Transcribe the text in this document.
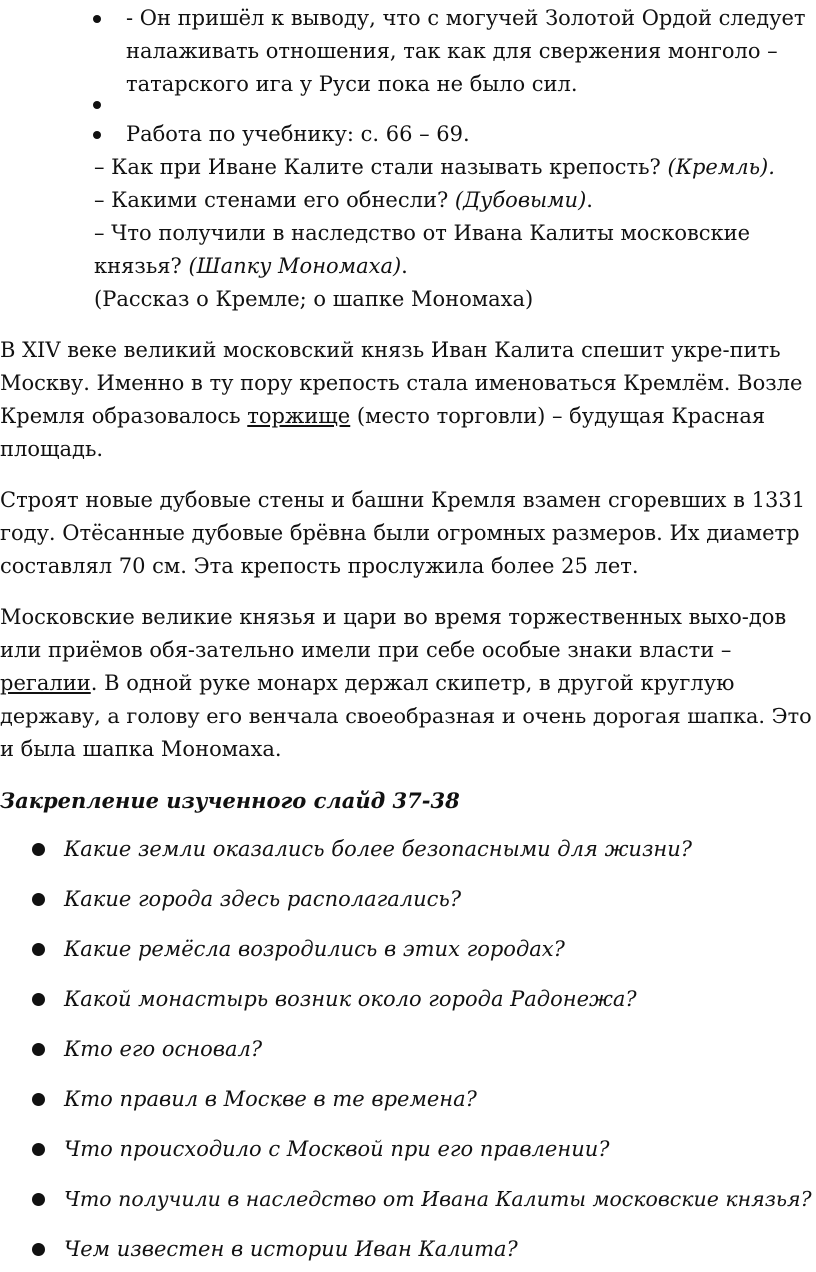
- Он пришёл к выводу, что с могучей Золотой Ордой следует
налаживать отношения, так как для свержения монголо –
татарского ига у Руси пока не было сил.
Работа по учебнику: с. 66 – 69.
– Как при Иване Калите стали называть крепость? (Кремль).
– Какими стенами его обнесли? (Дубовыми).
– Что получили в наследство от Ивана Калиты московские
князья? (Шапку Мономаха).
(Рассказ о Кремле; о шапке Мономаха)
В XIV веке великий московский князь Иван Калита спешит укре-пить
Москву. Именно в ту пору крепость стала именоваться Кремлём. Возле
Кремля образовалось торжище (место торговли) – будущая Красная
площадь.
Строят новые дубовые стены и башни Кремля взамен сгоревших в 1331
году. Отёсанные дубовые брёвна были огромных размеров. Их диаметр
составлял 70 см. Эта крепость прослужила более 25 лет.
Московские великие князья и цари во время торжественных выхо-дов
или приёмов обя-зательно имели при себе особые знаки власти –
регалии. В одной руке монарх держал скипетр, в другой круглую
державу, а голову его венчала своеобразная и очень дорогая шапка. Это
и была шапка Мономаха.
Закрепление изученного слайд 37-38
Какие земли оказались более безопасными для жизни?
Какие города здесь располагались?
Какие ремёсла возродились в этих городах?
Какой монастырь возник около города Радонежа?
Кто его основал?
Кто правил в Москве в те времена?
Что происходило с Москвой при его правлении?
Что получили в наследство от Ивана Калиты московские князья?
Чем известен в истории Иван Калита?
